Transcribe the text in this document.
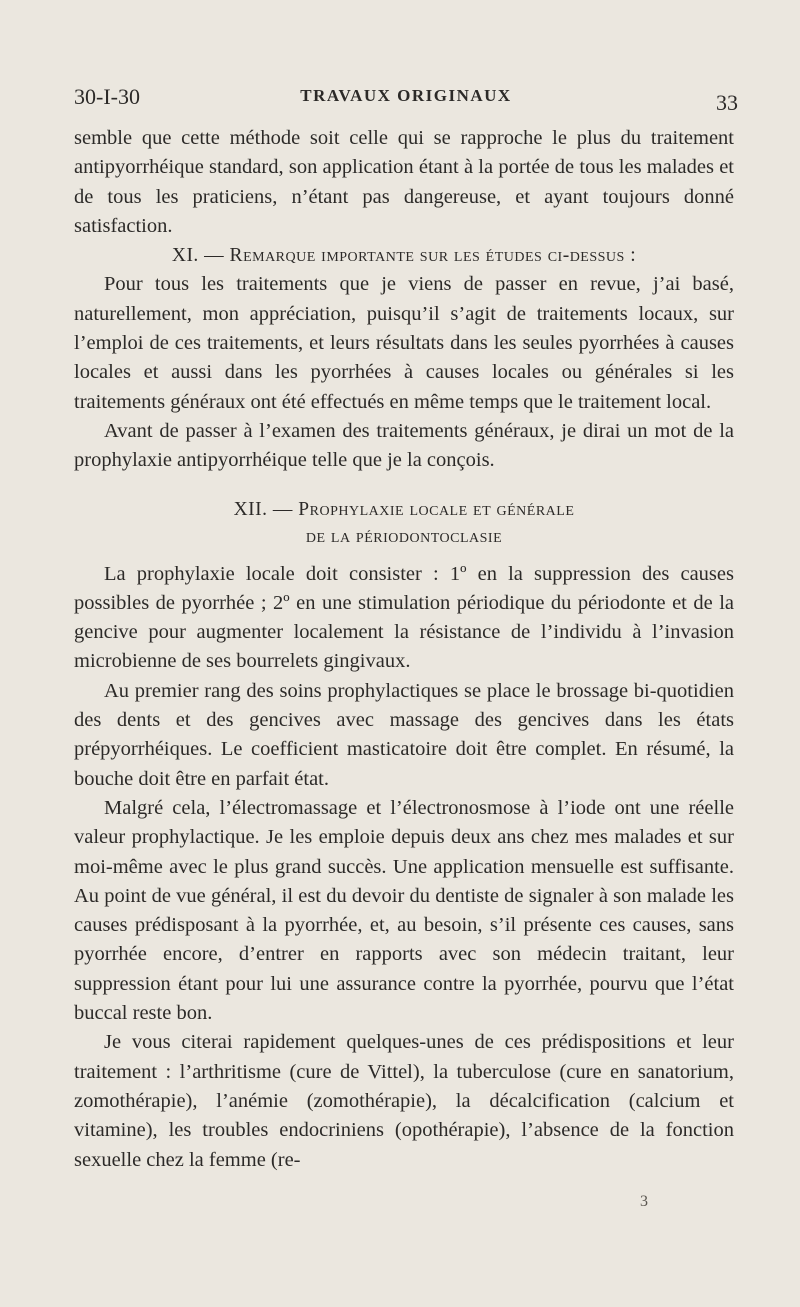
30-I-30	TRAVAUX ORIGINAUX	33

semble que cette méthode soit celle qui se rapproche le plus du traitement antipyorrhéique standard, son application étant à la portée de tous les malades et de tous les praticiens, n’étant pas dangereuse, et ayant toujours donné satisfaction.

XI. — Remarque importante sur les études ci-dessus :

Pour tous les traitements que je viens de passer en revue, j’ai basé, naturellement, mon appréciation, puisqu’il s’agit de traitements locaux, sur l’emploi de ces traitements, et leurs résultats dans les seules pyorrhées à causes locales et aussi dans les pyorrhées à causes locales ou générales si les traitements généraux ont été effectués en même temps que le traitement local.

Avant de passer à l’examen des traitements généraux, je dirai un mot de la prophylaxie antipyorrhéique telle que je la conçois.

XII. — Prophylaxie locale et générale
de la périodontoclasie

La prophylaxie locale doit consister : 1º en la suppression des causes possibles de pyorrhée ; 2º en une stimulation périodique du périodonte et de la gencive pour augmenter localement la résistance de l’individu à l’invasion microbienne de ses bourrelets gingivaux.

Au premier rang des soins prophylactiques se place le brossage bi-quotidien des dents et des gencives avec massage des gencives dans les états prépyorrhéiques. Le coefficient masticatoire doit être complet. En résumé, la bouche doit être en parfait état.

Malgré cela, l’électromassage et l’électronosmose à l’iode ont une réelle valeur prophylactique. Je les emploie depuis deux ans chez mes malades et sur moi-même avec le plus grand succès. Une application mensuelle est suffisante. Au point de vue général, il est du devoir du dentiste de signaler à son malade les causes prédisposant à la pyorrhée, et, au besoin, s’il présente ces causes, sans pyorrhée encore, d’entrer en rapports avec son médecin traitant, leur suppression étant pour lui une assurance contre la pyorrhée, pourvu que l’état buccal reste bon.

Je vous citerai rapidement quelques-unes de ces prédispositions et leur traitement : l’arthritisme (cure de Vittel), la tuberculose (cure en sanatorium, zomothérapie), l’anémie (zomothérapie), la décalcification (calcium et vitamine), les troubles endocriniens (opothérapie), l’absence de la fonction sexuelle chez la femme (re-

3
